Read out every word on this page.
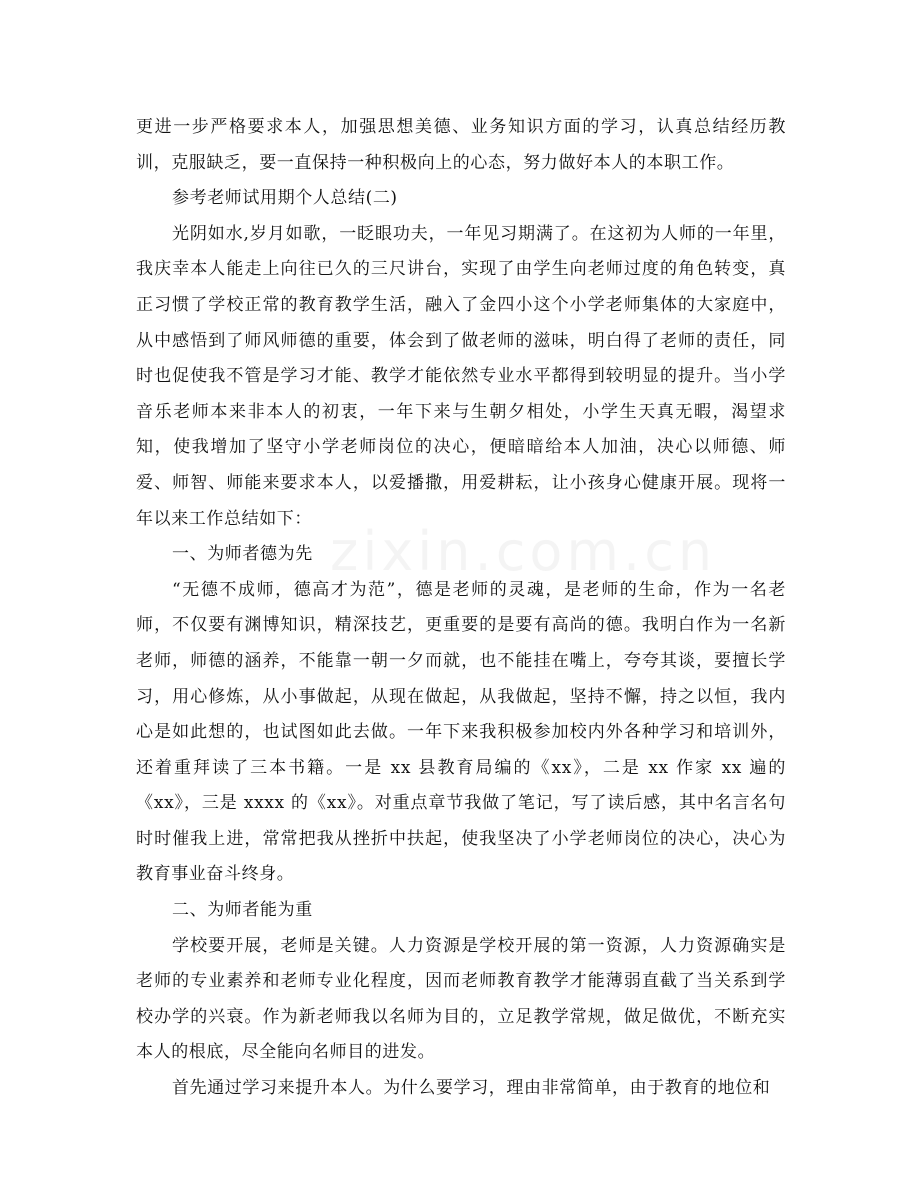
更进一步严格要求本人，加强思想美德、业务知识方面的学习，认真总结经历教训，克服缺乏，要一直保持一种积极向上的心态，努力做好本人的本职工作。

参考老师试用期个人总结(二)

光阴如水,岁月如歌，一眨眼功夫，一年见习期满了。在这初为人师的一年里，我庆幸本人能走上向往已久的三尺讲台，实现了由学生向老师过度的角色转变，真正习惯了学校正常的教育教学生活，融入了金四小这个小学老师集体的大家庭中，从中感悟到了师风师德的重要，体会到了做老师的滋味，明白得了老师的责任，同时也促使我不管是学习才能、教学才能依然专业水平都得到较明显的提升。当小学音乐老师本来非本人的初衷，一年下来与生朝夕相处，小学生天真无暇，渴望求知，使我增加了坚守小学老师岗位的决心，便暗暗给本人加油，决心以师德、师爱、师智、师能来要求本人，以爱播撒，用爱耕耘，让小孩身心健康开展。现将一年以来工作总结如下：

一、为师者德为先

“无德不成师，德高才为范”，德是老师的灵魂，是老师的生命，作为一名老师，不仅要有渊博知识，精深技艺，更重要的是要有高尚的德。我明白作为一名新老师，师德的涵养，不能靠一朝一夕而就，也不能挂在嘴上，夸夸其谈，要擅长学习，用心修炼，从小事做起，从现在做起，从我做起，坚持不懈，持之以恒，我内心是如此想的，也试图如此去做。一年下来我积极参加校内外各种学习和培训外，还着重拜读了三本书籍。一是 xx 县教育局编的《xx》，二是 xx 作家 xx 遍的《xx》，三是 xxxx 的《xx》。对重点章节我做了笔记，写了读后感，其中名言名句时时催我上进，常常把我从挫折中扶起，使我坚决了小学老师岗位的决心，决心为教育事业奋斗终身。

二、为师者能为重

学校要开展，老师是关键。人力资源是学校开展的第一资源，人力资源确实是老师的专业素养和老师专业化程度，因而老师教育教学才能薄弱直截了当关系到学校办学的兴衰。作为新老师我以名师为目的，立足教学常规，做足做优，不断充实本人的根底，尽全能向名师目的进发。

首先通过学习来提升本人。为什么要学习，理由非常简单，由于教育的地位和
